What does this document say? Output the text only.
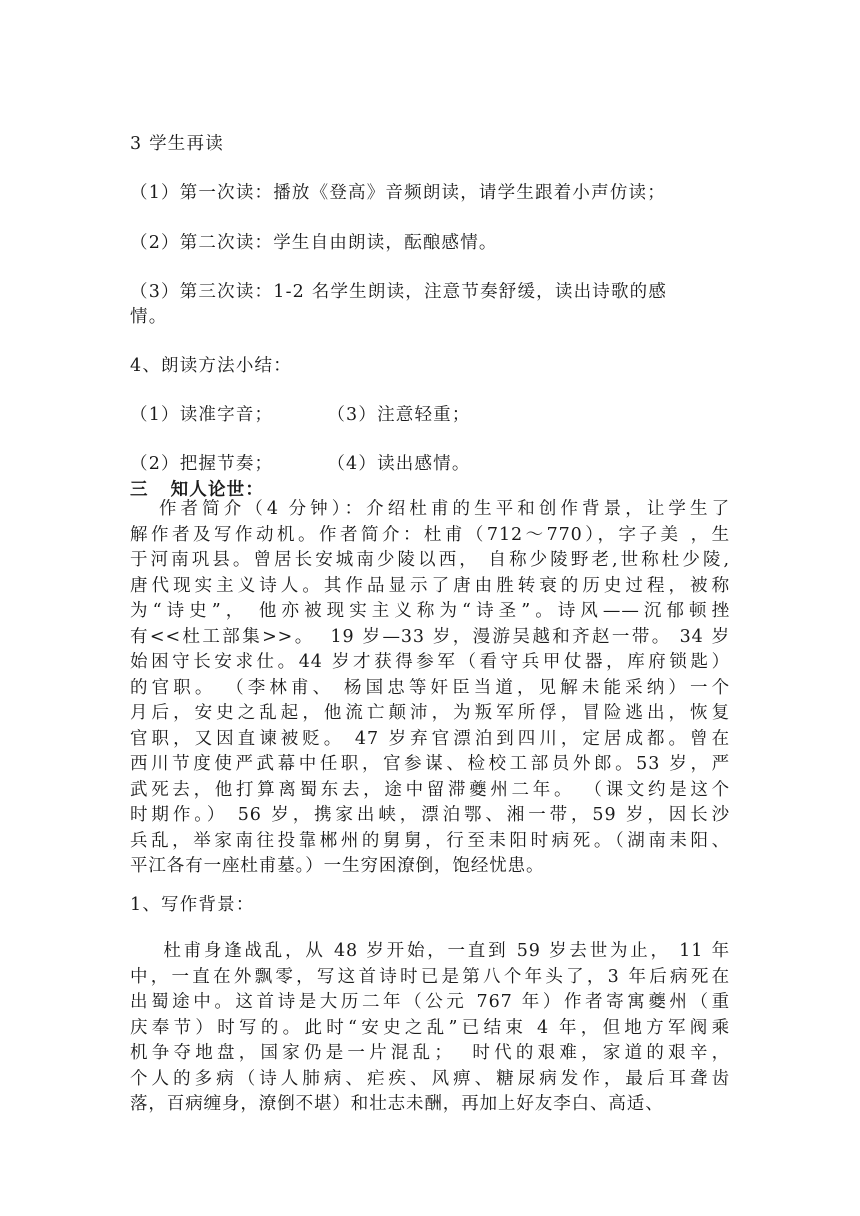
3 学生再读
（1）第一次读：播放《登高》音频朗读，请学生跟着小声仿读；
（2）第二次读：学生自由朗读，酝酿感情。
（3）第三次读：1-2 名学生朗读，注意节奏舒缓，读出诗歌的感
情。
4、朗读方法小结：
（1）读准字音；        （3）注意轻重；
（2）把握节奏；        （4）读出感情。
三   知人论世：
作者简介（4 分钟）：介绍杜甫的生平和创作背景，让学生了
解作者及写作动机。作者简介：杜甫（712～770），字子美 ，生
于河南巩县。曾居长安城南少陵以西， 自称少陵野老,世称杜少陵,
唐代现实主义诗人。其作品显示了唐由胜转衰的历史过程，被称
为“诗史”， 他亦被现实主义称为“诗圣”。诗风——沉郁顿挫
有<<杜工部集>>。  19 岁—33 岁，漫游吴越和齐赵一带。 34 岁
始困守长安求仕。44 岁才获得参军（看守兵甲仗器，库府锁匙）
的官职。 （李林甫、 杨国忠等奸臣当道，见解未能采纳）一个
月后，安史之乱起，他流亡颠沛，为叛军所俘，冒险逃出，恢复
官职，又因直谏被贬。 47 岁弃官漂泊到四川，定居成都。曾在
西川节度使严武幕中任职，官参谋、检校工部员外郎。53 岁，严
武死去，他打算离蜀东去，途中留滞夔州二年。 （课文约是这个
时期作。） 56 岁，携家出峡，漂泊鄂、湘一带，59 岁，因长沙
兵乱，举家南往投靠郴州的舅舅，行至耒阳时病死。（湖南耒阳、
平江各有一座杜甫墓。）一生穷困潦倒，饱经忧患。
1、写作背景：
杜甫身逢战乱，从 48 岁开始，一直到 59 岁去世为止， 11 年
中，一直在外飘零，写这首诗时已是第八个年头了，3 年后病死在
出蜀途中。这首诗是大历二年（公元 767 年）作者寄寓夔州（重
庆奉节）时写的。此时“安史之乱”已结束 4 年，但地方军阀乘
机争夺地盘，国家仍是一片混乱；  时代的艰难，家道的艰辛，
个人的多病（诗人肺病、疟疾、风痹、糖尿病发作，最后耳聋齿
落，百病缠身，潦倒不堪）和壮志未酬，再加上好友李白、高适、
